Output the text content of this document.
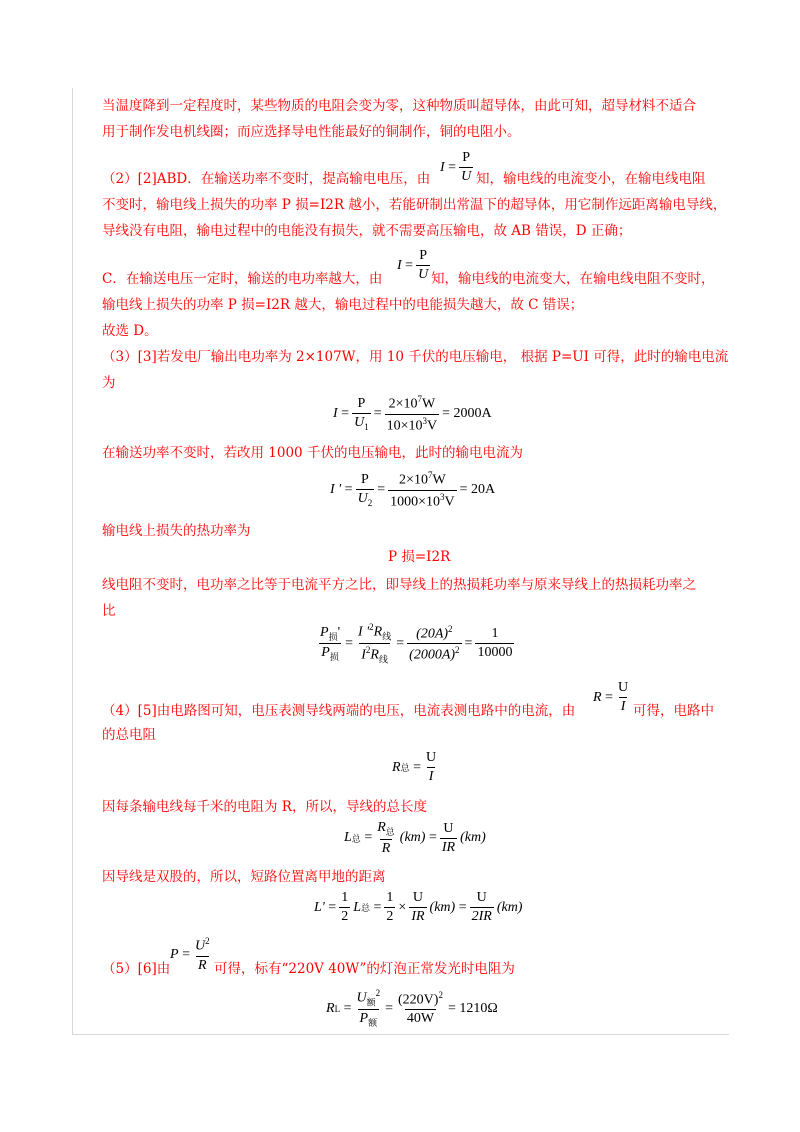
当温度降到一定程度时，某些物质的电阻会变为零，这种物质叫超导体，由此可知，超导材料不适合
用于制作发电机线圈；而应选择导电性能最好的铜制作，铜的电阻小。
（2）[2]ABD．在输送功率不变时，提高输电电压，由
I
= $\frac{P}{U}$ 知，输电线的电流变小，在输电线电阻
不变时，输电线上损失的功率 P 损=I2R 越小，若能研制出常温下的超导体，用它制作远距离输电导线，
导线没有电阻，输电过程中的电能没有损失，就不需要高压输电，故 AB 错误，D 正确；
C．在输送电压一定时，输送的电功率越大，由
I
= $\frac{P}{U}$ 知，输电线的电流变大，在输电线电阻不变时，
输电线上损失的功率 P 损=I2R 越大，输电过程中的电能损失越大，故 C 错误；
故选 D。
（3）[3]若发电厂输出电功率为 2×107W，用 10 千伏的电压输电， 根据 P=UI 可得，此时的输电电流
为
I
= $\frac{P}{U_1} = \frac{2\times 10^7W}{10\times 10^3V} = 2000A$
在输送功率不变时，若改用 1000 千伏的电压输电，此时的输电电流为
I '
= $\frac{P}{U_2} = \frac{2\times 10^7W}{1000\times 10^3V} = 20A$
输电线上损失的热功率为
P 损=I2R
线电阻不变时，电功率之比等于电流平方之比，即导线上的热损耗功率与原来导线上的热损耗功率之
比
$\frac{P_损'}{P_损} = \frac{I '^2R_线}{I^2R_线} = \frac{(20A)^2}{(2000A)^2} = \frac{1}{10000}$
（4）[5]由电路图可知，电压表测导线两端的电压，电流表测电路中的电流，由
R
= $\frac{U}{I}$ 可得，电路中
的总电阻
R 总
= $\frac{U}{I}$
因每条输电线每千米的电阻为 R，所以，导线的总长度
L 总
= $\frac{R_总}{R} (km)$
= $\frac{U}{IR} (km)$
因导线是双股的，所以，短路位置离甲地的距离
L'
= $\frac{1}{2}$ L 总
= $\frac{1}{2} \times \frac{U}{IR} (km)$
= $\frac{U}{2IR} (km)$
（5）[6]由
P
= $\frac{U^2}{R}$ 可得，标有“220V 40W”的灯泡正常发光时电阻为
R L
= $\frac{U_额^2}{P_额} = \frac{(220V)^2}{40W} = 1210\Omega$
